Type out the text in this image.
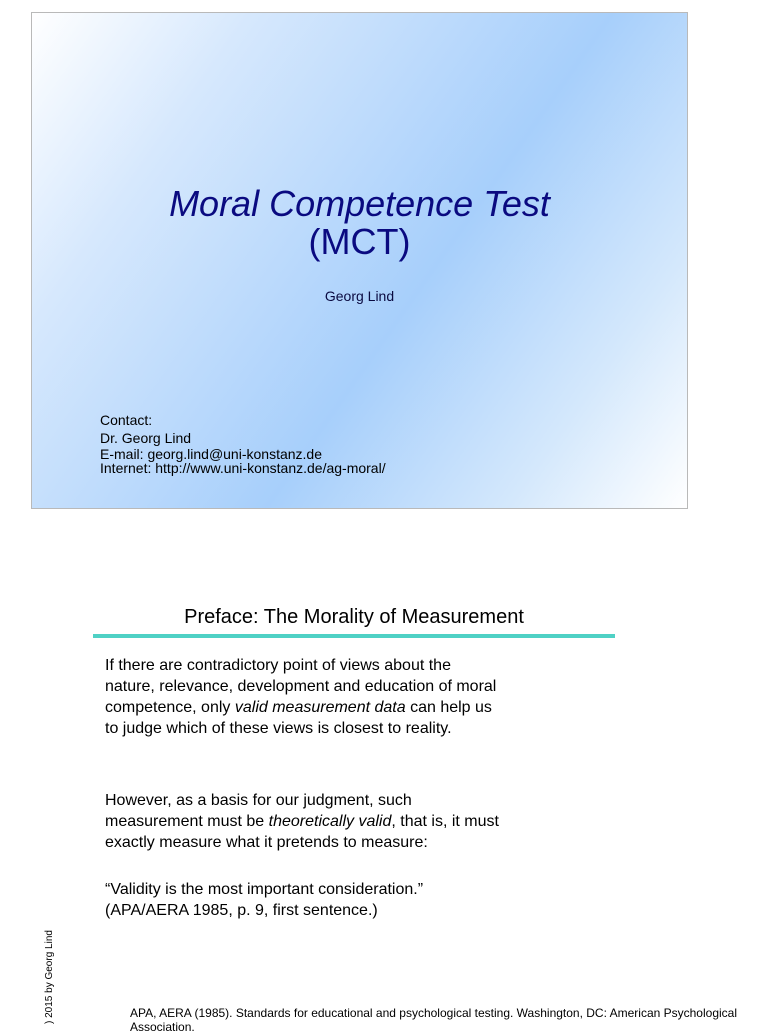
Moral Competence Test
(MCT)
Georg Lind
Contact:
Dr. Georg Lind
E-mail: georg.lind@uni-konstanz.de
Internet: http://www.uni-konstanz.de/ag-moral/
Preface: The Morality of Measurement
If there are contradictory point of views about the nature, relevance, development and education of moral competence, only valid measurement data can help us to judge which of these views is closest to reality.
However, as a basis for our judgment, such measurement must be theoretically valid, that is, it must exactly measure what it pretends to measure:
“Validity is the most important consideration.”
(APA/AERA 1985, p. 9, first sentence.)
) 2015 by Georg Lind	APA, AERA (1985). Standards for educational and psychological testing. Washington, DC: American Psychological Association.
